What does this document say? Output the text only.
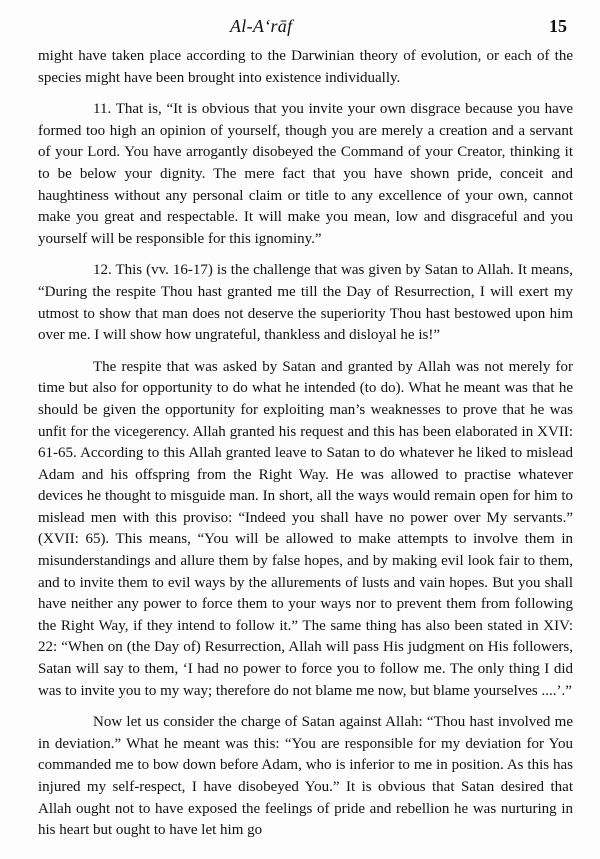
Al-A‘rāf	15

might have taken place according to the Darwinian theory of evolution, or each of the species might have been brought into existence individually.

11. That is, “It is obvious that you invite your own disgrace because you have formed too high an opinion of yourself, though you are merely a creation and a servant of your Lord. You have arrogantly disobeyed the Command of your Creator, thinking it to be below your dignity. The mere fact that you have shown pride, conceit and haughtiness without any personal claim or title to any excellence of your own, cannot make you great and respectable. It will make you mean, low and disgraceful and you yourself will be responsible for this ignominy.”

12. This (vv. 16-17) is the challenge that was given by Satan to Allah. It means, “During the respite Thou hast granted me till the Day of Resurrection, I will exert my utmost to show that man does not deserve the superiority Thou hast bestowed upon him over me. I will show how ungrateful, thankless and disloyal he is!”

The respite that was asked by Satan and granted by Allah was not merely for time but also for opportunity to do what he intended (to do). What he meant was that he should be given the opportunity for exploiting man’s weaknesses to prove that he was unfit for the vicegerency. Allah granted his request and this has been elaborated in XVII: 61-65. According to this Allah granted leave to Satan to do whatever he liked to mislead Adam and his offspring from the Right Way. He was allowed to practise whatever devices he thought to misguide man. In short, all the ways would remain open for him to mislead men with this proviso: “Indeed you shall have no power over My servants.” (XVII: 65). This means, “You will be allowed to make attempts to involve them in misunderstandings and allure them by false hopes, and by making evil look fair to them, and to invite them to evil ways by the allurements of lusts and vain hopes. But you shall have neither any power to force them to your ways nor to prevent them from following the Right Way, if they intend to follow it.” The same thing has also been stated in XIV: 22: “When on (the Day of) Resurrection, Allah will pass His judgment on His followers, Satan will say to them, ‘I had no power to force you to follow me. The only thing I did was to invite you to my way; therefore do not blame me now, but blame yourselves ....’.”

Now let us consider the charge of Satan against Allah: “Thou hast involved me in deviation.” What he meant was this: “You are responsible for my deviation for You commanded me to bow down before Adam, who is inferior to me in position. As this has injured my self-respect, I have disobeyed You.” It is obvious that Satan desired that Allah ought not to have exposed the feelings of pride and rebellion he was nurturing in his heart but ought to have let him go
